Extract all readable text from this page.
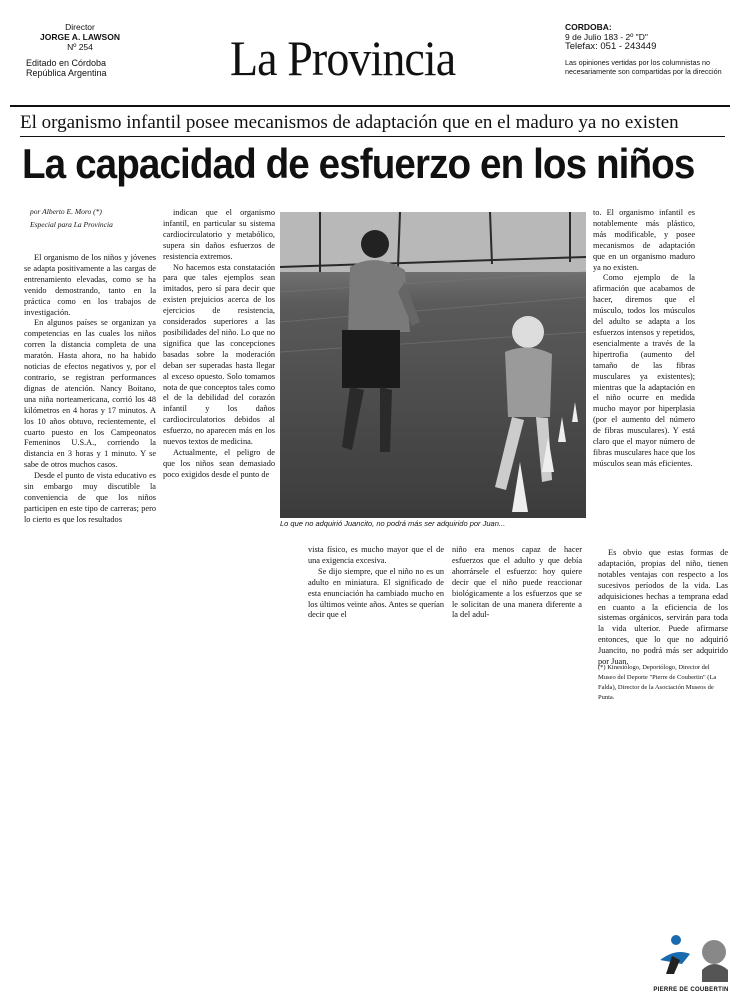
Director
JORGE A. LAWSON
Nº 254
Editado en Córdoba
República Argentina	La Provincia
CORDOBA:
9 de Julio 183 - 2º "D"
Telefax: 051 - 243449
Las opiniones vertidas por los columnistas no necesariamente son compartidas por la dirección
El organismo infantil posee mecanismos de adaptación que en el maduro ya no existen
La capacidad de esfuerzo en los niños
por Alberto E. Moro (*)
Especial para La Provincia

El organismo de los niños y jóvenes se adapta positivamente a las cargas de entrenamiento elevadas, como se ha venido demostrando, tanto en la práctica como en los trabajos de investigación.

En algunos países se organizan ya competencias en las cuales los niños corren la distancia completa de una maratón. Hasta ahora, no ha habido noticias de efectos negativos y, por el contrario, se registran performances dignas de atención. Nancy Boitano, una niña norteamericana, corrió los 48 kilómetros en 4 horas y 17 minutos. A los 10 años obtuvo, recientemente, el cuarto puesto en los Campeonatos Femeninos U.S.A., corriendo la distancia en 3 horas y 1 minuto. Y se sabe de otros muchos casos.

Desde el punto de vista educativo es sin embargo muy discutible la conveniencia de que los niños participen en este tipo de carreras; pero lo cierto es que los resultados

indican que el organismo infantil, en particular su sistema cardiocirculatorio y metabólico, supera sin daños esfuerzos de resistencia extremos.

No hacemos esta constatación para que tales ejemplos sean imitados, pero sí para decir que existen prejuicios acerca de los ejercicios de resistencia, considerados superiores a las posibilidades del niño. Lo que no significa que las concepciones basadas sobre la moderación deban ser superadas hasta llegar al exceso opuesto. Solo tomamos nota de que conceptos tales como el de la debilidad del corazón infantil y los daños cardiocirculatorios debidos al esfuerzo, no aparecen más en los nuevos textos de medicina.

Actualmente, el peligro de que los niños sean demasiado poco exigidos desde el punto de

Lo que no adquirió Juancito, no podrá más ser adquirido por Juan...

vista físico, es mucho mayor que el de una exigencia excesiva.

Se dijo siempre, que el niño no es un adulto en miniatura. El significado de esta enunciación ha cambiado mucho en los últimos veinte años. Antes se querían decir que el

niño era menos capaz de hacer esfuerzos que el adulto y que debía ahorrársele el esfuerzo: hoy quiere decir que el niño puede reaccionar biológicamente a los esfuerzos que se le solicitan de una manera diferente a la del adul-

to. El organismo infantil es notablemente más plástico, más modificable, y posee mecanismos de adaptación que en un organismo maduro ya no existen.

Como ejemplo de la afirmación que acabamos de hacer, diremos que el músculo, todos los músculos del adulto se adapta a los esfuerzos intensos y repetidos, esencialmente a través de la hipertrofia (aumento del tamaño de las fibras musculares ya existentes); mientras que la adaptación en el niño ocurre en medida mucho mayor por hiperplasia (por el aumento del número de fibras musculares). Y está claro que el mayor número de fibras musculares hace que los músculos sean más eficientes.

Es obvio que estas formas de adaptación, propias del niño, tienen notables ventajas con respecto a los sucesivos períodos de la vida. Las adquisiciones hechas a temprana edad en cuanto a la eficiencia de los sistemas orgánicos, servirán para toda la vida ulterior. Puede afirmarse entonces, que lo que no adquirió Juancito, no podrá más ser adquirido por Juan.

(*) Kinesiólogo, Deportólogo, Director del Museo del Deporte "Pierre de Coubertin" (La Falda), Director de la Asociación Museos de Punta.
PIERRE DE COUBERTIN
